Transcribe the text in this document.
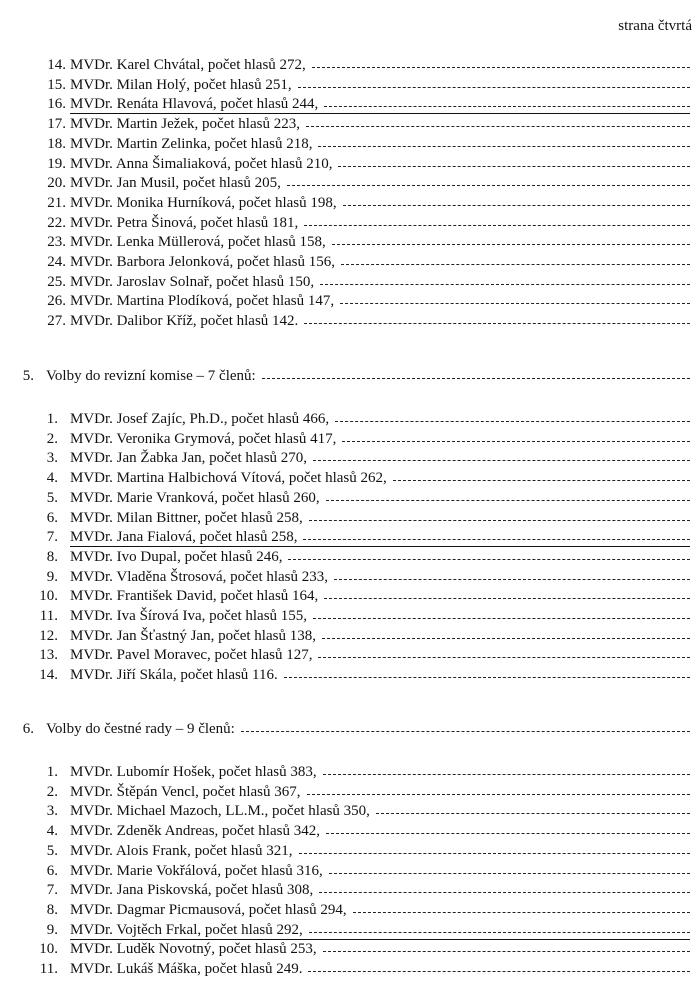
strana čtvrtá
14. MVDr. Karel Chvátal, počet hlasů 272,
15. MVDr. Milan Holý, počet hlasů 251,
16. MVDr. Renáta Hlavová, počet hlasů 244,
17. MVDr. Martin Ježek, počet hlasů 223,
18. MVDr. Martin Zelinka, počet hlasů 218,
19. MVDr. Anna Šimaliaková, počet hlasů 210,
20. MVDr. Jan Musil, počet hlasů 205,
21. MVDr. Monika Hurníková, počet hlasů 198,
22. MVDr. Petra Šinová, počet hlasů 181,
23. MVDr. Lenka Müllerová, počet hlasů 158,
24. MVDr. Barbora Jelonková, počet hlasů 156,
25. MVDr. Jaroslav Solnař, počet hlasů 150,
26. MVDr. Martina Plodíková, počet hlasů 147,
27. MVDr. Dalibor Kříž, počet hlasů 142.
5. Volby do revizní komise – 7 členů:
1. MVDr. Josef Zajíc, Ph.D., počet hlasů 466,
2. MVDr. Veronika Grymová, počet hlasů 417,
3. MVDr. Jan Žabka Jan, počet hlasů 270,
4. MVDr. Martina Halbichová Vítová, počet hlasů 262,
5. MVDr. Marie Vranková, počet hlasů 260,
6. MVDr. Milan Bittner, počet hlasů 258,
7. MVDr. Jana Fialová, počet hlasů 258,
8. MVDr. Ivo Dupal, počet hlasů 246,
9. MVDr. Vladěna Štrosová, počet hlasů 233,
10. MVDr. František David, počet hlasů 164,
11. MVDr. Iva Šírová Iva, počet hlasů 155,
12. MVDr. Jan Šťastný Jan, počet hlasů 138,
13. MVDr. Pavel Moravec, počet hlasů 127,
14. MVDr. Jiří Skála, počet hlasů 116.
6. Volby do čestné rady – 9 členů:
1. MVDr. Lubomír Hošek, počet hlasů 383,
2. MVDr. Štěpán Vencl, počet hlasů 367,
3. MVDr. Michael Mazoch, LL.M., počet hlasů 350,
4. MVDr. Zdeněk Andreas, počet hlasů 342,
5. MVDr. Alois Frank, počet hlasů 321,
6. MVDr. Marie Vokřálová, počet hlasů 316,
7. MVDr. Jana Piskovská, počet hlasů 308,
8. MVDr. Dagmar Picmausová, počet hlasů 294,
9. MVDr. Vojtěch Frkal, počet hlasů 292,
10. MVDr. Luděk Novotný, počet hlasů 253,
11. MVDr. Lukáš Máška, počet hlasů 249.
